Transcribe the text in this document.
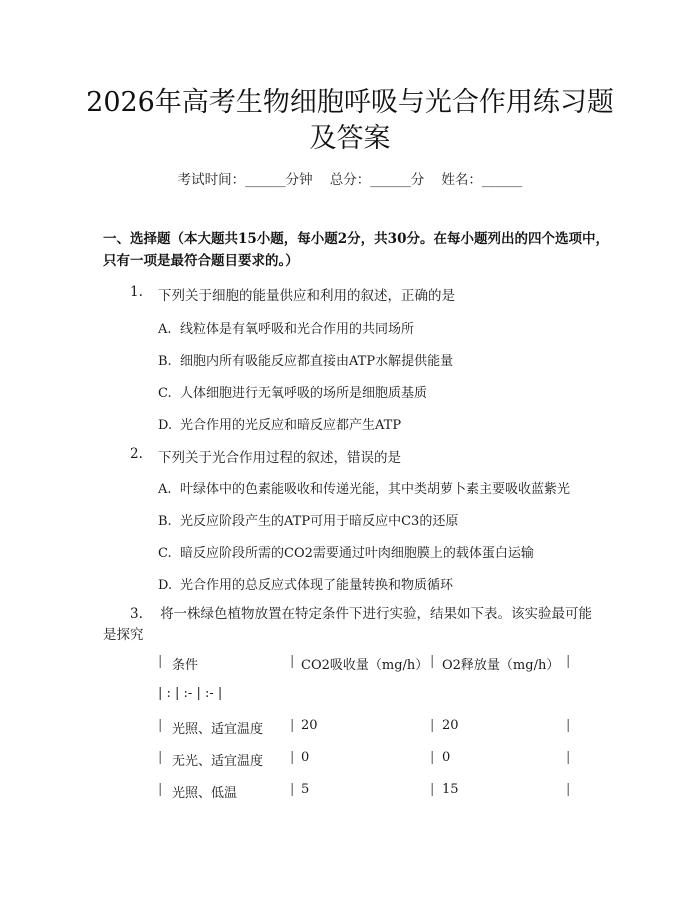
2026年高考生物细胞呼吸与光合作用练习题
及答案
考试时间：______分钟    总分：______分    姓名：______
一、选择题（本大题共15小题，每小题2分，共30分。在每小题列出的四个选项中，只有一项是最符合题目要求的。）
1. 下列关于细胞的能量供应和利用的叙述，正确的是
A. 线粒体是有氧呼吸和光合作用的共同场所
B. 细胞内所有吸能反应都直接由ATP水解提供能量
C. 人体细胞进行无氧呼吸的场所是细胞质基质
D. 光合作用的光反应和暗反应都产生ATP
2. 下列关于光合作用过程的叙述，错误的是
A. 叶绿体中的色素能吸收和传递光能，其中类胡萝卜素主要吸收蓝紫光
B. 光反应阶段产生的ATP可用于暗反应中C3的还原
C. 暗反应阶段所需的CO2需要通过叶肉细胞膜上的载体蛋白运输
D. 光合作用的总反应式体现了能量转换和物质循环
3. 将一株绿色植物放置在特定条件下进行实验，结果如下表。该实验最可能是探究
| 条件	| CO2吸收量（mg/h） | O2释放量（mg/h） |
| : | :- | :- |
| 光照、适宜温度 | 20	| 20	|
| 无光、适宜温度 | 0	| 0	|
| 光照、低温	| 5	| 15	|
